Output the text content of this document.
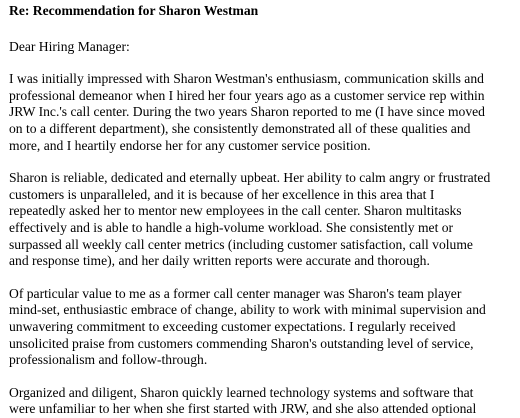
Re: Recommendation for Sharon Westman
Dear Hiring Manager:
I was initially impressed with Sharon Westman's enthusiasm, communication skills and
professional demeanor when I hired her four years ago as a customer service rep within
JRW Inc.'s call center. During the two years Sharon reported to me (I have since moved
on to a different department), she consistently demonstrated all of these qualities and
more, and I heartily endorse her for any customer service position.
Sharon is reliable, dedicated and eternally upbeat. Her ability to calm angry or frustrated
customers is unparalleled, and it is because of her excellence in this area that I
repeatedly asked her to mentor new employees in the call center. Sharon multitasks
effectively and is able to handle a high-volume workload. She consistently met or
surpassed all weekly call center metrics (including customer satisfaction, call volume
and response time), and her daily written reports were accurate and thorough.
Of particular value to me as a former call center manager was Sharon's team player
mind-set, enthusiastic embrace of change, ability to work with minimal supervision and
unwavering commitment to exceeding customer expectations. I regularly received
unsolicited praise from customers commending Sharon's outstanding level of service,
professionalism and follow-through.
Organized and diligent, Sharon quickly learned technology systems and software that
were unfamiliar to her when she first started with JRW, and she also attended optional
